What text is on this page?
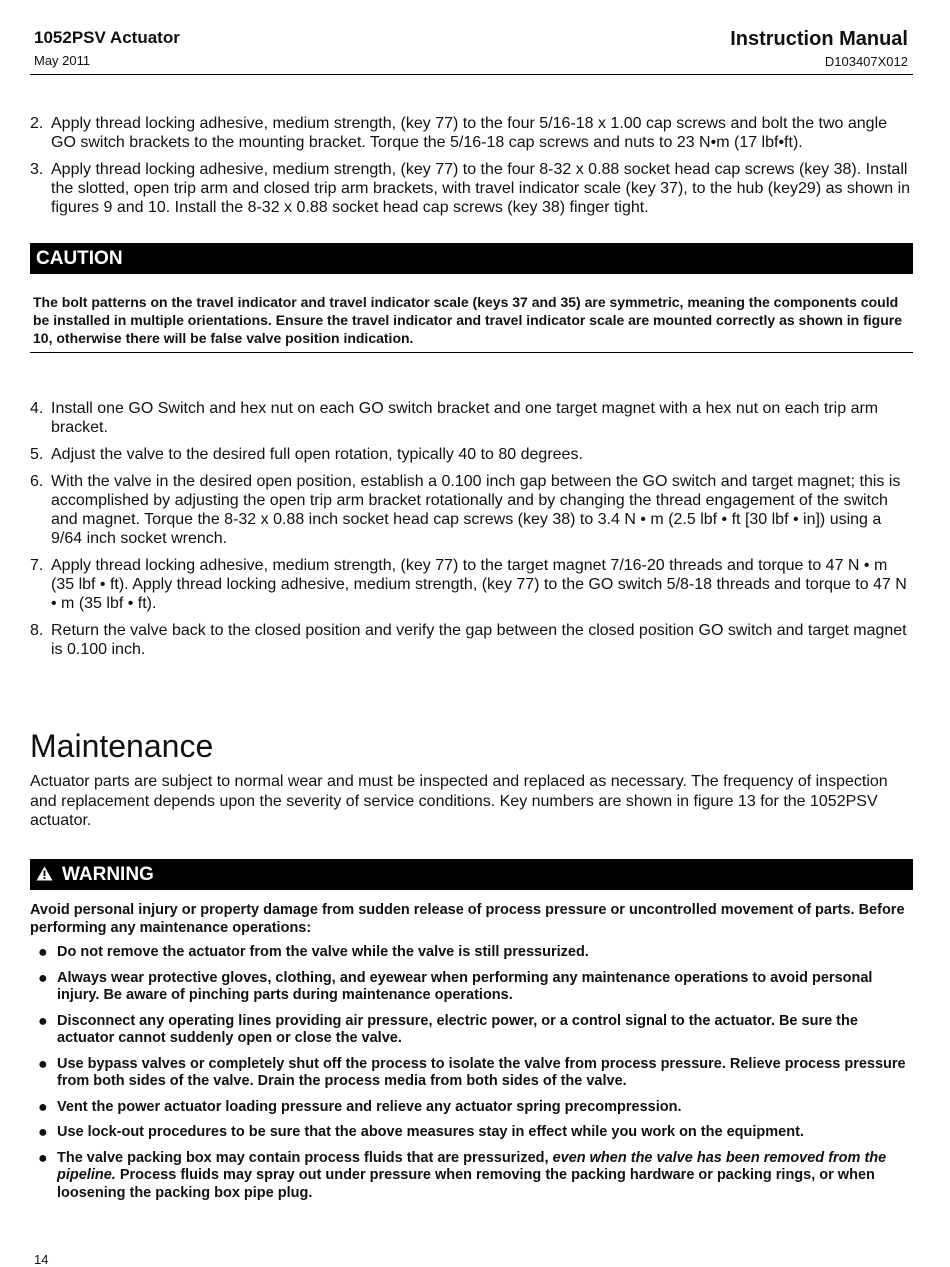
1052PSV Actuator
May 2011
Instruction Manual
D103407X012
2. Apply thread locking adhesive, medium strength, (key 77) to the four 5/16-18 x 1.00 cap screws and bolt the two angle GO switch brackets to the mounting bracket. Torque the 5/16-18 cap screws and nuts to 23 N•m (17 lbf•ft).
3. Apply thread locking adhesive, medium strength, (key 77) to the four 8-32 x 0.88 socket head cap screws (key 38). Install the slotted, open trip arm and closed trip arm brackets, with travel indicator scale (key 37), to the hub (key29) as shown in figures 9 and 10. Install the 8-32 x 0.88 socket head cap screws (key 38) finger tight.
CAUTION
The bolt patterns on the travel indicator and travel indicator scale (keys 37 and 35) are symmetric, meaning the components could be installed in multiple orientations. Ensure the travel indicator and travel indicator scale are mounted correctly as shown in figure 10, otherwise there will be false valve position indication.
4. Install one GO Switch and hex nut on each GO switch bracket and one target magnet with a hex nut on each trip arm bracket.
5. Adjust the valve to the desired full open rotation, typically 40 to 80 degrees.
6. With the valve in the desired open position, establish a 0.100 inch gap between the GO switch and target magnet; this is accomplished by adjusting the open trip arm bracket rotationally and by changing the thread engagement of the switch and magnet. Torque the 8-32 x 0.88 inch socket head cap screws (key 38) to 3.4 N • m (2.5 lbf • ft [30 lbf • in]) using a 9/64 inch socket wrench.
7. Apply thread locking adhesive, medium strength, (key 77) to the target magnet 7/16-20 threads and torque to 47 N • m (35 lbf • ft). Apply thread locking adhesive, medium strength, (key 77) to the GO switch 5/8-18 threads and torque to 47 N • m (35 lbf • ft).
8. Return the valve back to the closed position and verify the gap between the closed position GO switch and target magnet is 0.100 inch.
Maintenance
Actuator parts are subject to normal wear and must be inspected and replaced as necessary. The frequency of inspection and replacement depends upon the severity of service conditions. Key numbers are shown in figure 13 for the 1052PSV actuator.
WARNING
Avoid personal injury or property damage from sudden release of process pressure or uncontrolled movement of parts. Before performing any maintenance operations:
● Do not remove the actuator from the valve while the valve is still pressurized.
● Always wear protective gloves, clothing, and eyewear when performing any maintenance operations to avoid personal injury. Be aware of pinching parts during maintenance operations.
● Disconnect any operating lines providing air pressure, electric power, or a control signal to the actuator. Be sure the actuator cannot suddenly open or close the valve.
● Use bypass valves or completely shut off the process to isolate the valve from process pressure. Relieve process pressure from both sides of the valve. Drain the process media from both sides of the valve.
● Vent the power actuator loading pressure and relieve any actuator spring precompression.
● Use lock-out procedures to be sure that the above measures stay in effect while you work on the equipment.
● The valve packing box may contain process fluids that are pressurized, even when the valve has been removed from the pipeline. Process fluids may spray out under pressure when removing the packing hardware or packing rings, or when loosening the packing box pipe plug.
14
